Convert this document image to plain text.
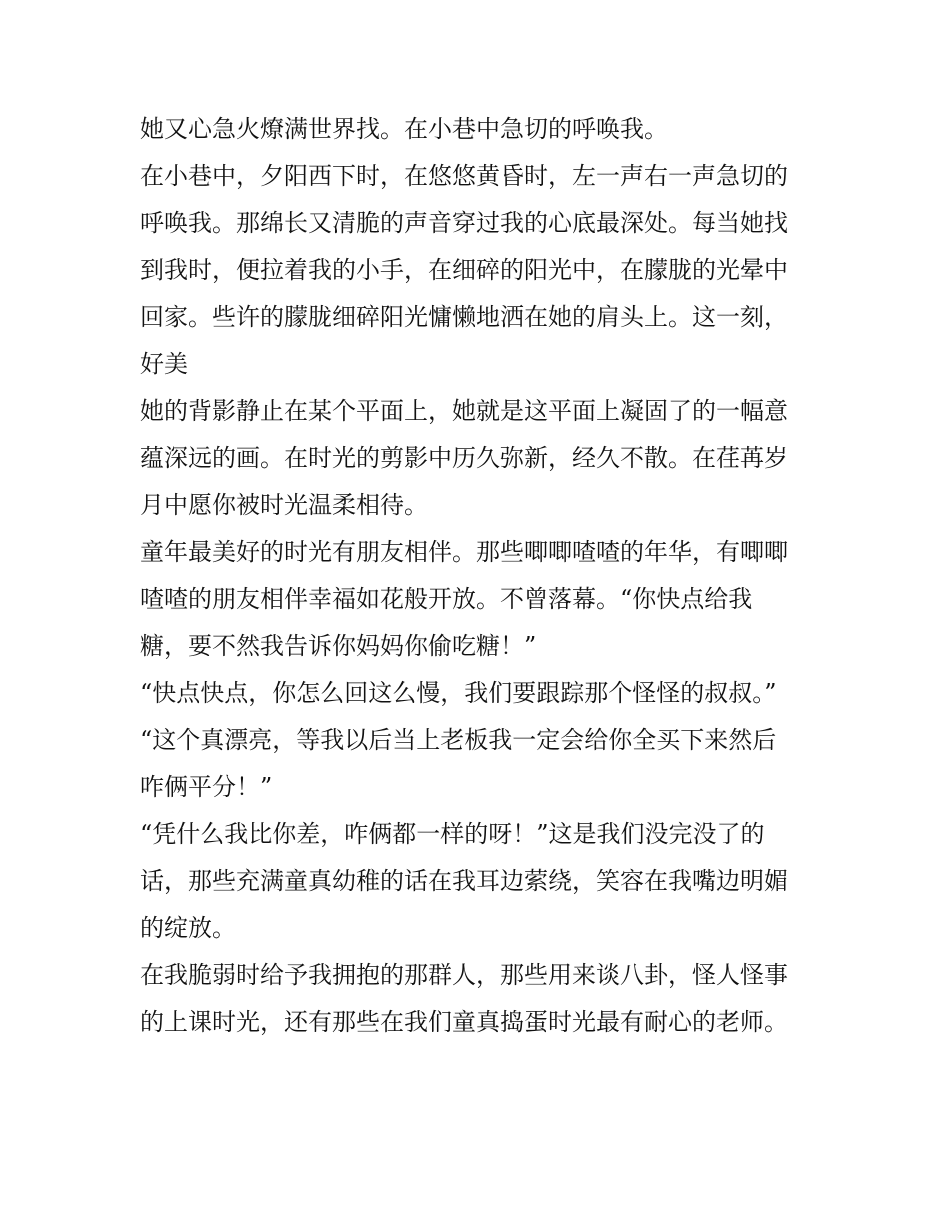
她又心急火燎满世界找。在小巷中急切的呼唤我。
在小巷中，夕阳西下时，在悠悠黄昏时，左一声右一声急切的
呼唤我。那绵长又清脆的声音穿过我的心底最深处。每当她找
到我时，便拉着我的小手，在细碎的阳光中，在朦胧的光晕中
回家。些许的朦胧细碎阳光慵懒地洒在她的肩头上。这一刻，
好美
她的背影静止在某个平面上，她就是这平面上凝固了的一幅意
蕴深远的画。在时光的剪影中历久弥新，经久不散。在荏苒岁
月中愿你被时光温柔相待。
童年最美好的时光有朋友相伴。那些唧唧喳喳的年华，有唧唧
喳喳的朋友相伴幸福如花般开放。不曾落幕。“你快点给我
糖，要不然我告诉你妈妈你偷吃糖！”
“快点快点，你怎么回这么慢，我们要跟踪那个怪怪的叔叔。”
“这个真漂亮，等我以后当上老板我一定会给你全买下来然后
咋俩平分！”
“凭什么我比你差，咋俩都一样的呀！”这是我们没完没了的
话，那些充满童真幼稚的话在我耳边萦绕，笑容在我嘴边明媚
的绽放。
在我脆弱时给予我拥抱的那群人，那些用来谈八卦，怪人怪事
的上课时光，还有那些在我们童真捣蛋时光最有耐心的老师。
